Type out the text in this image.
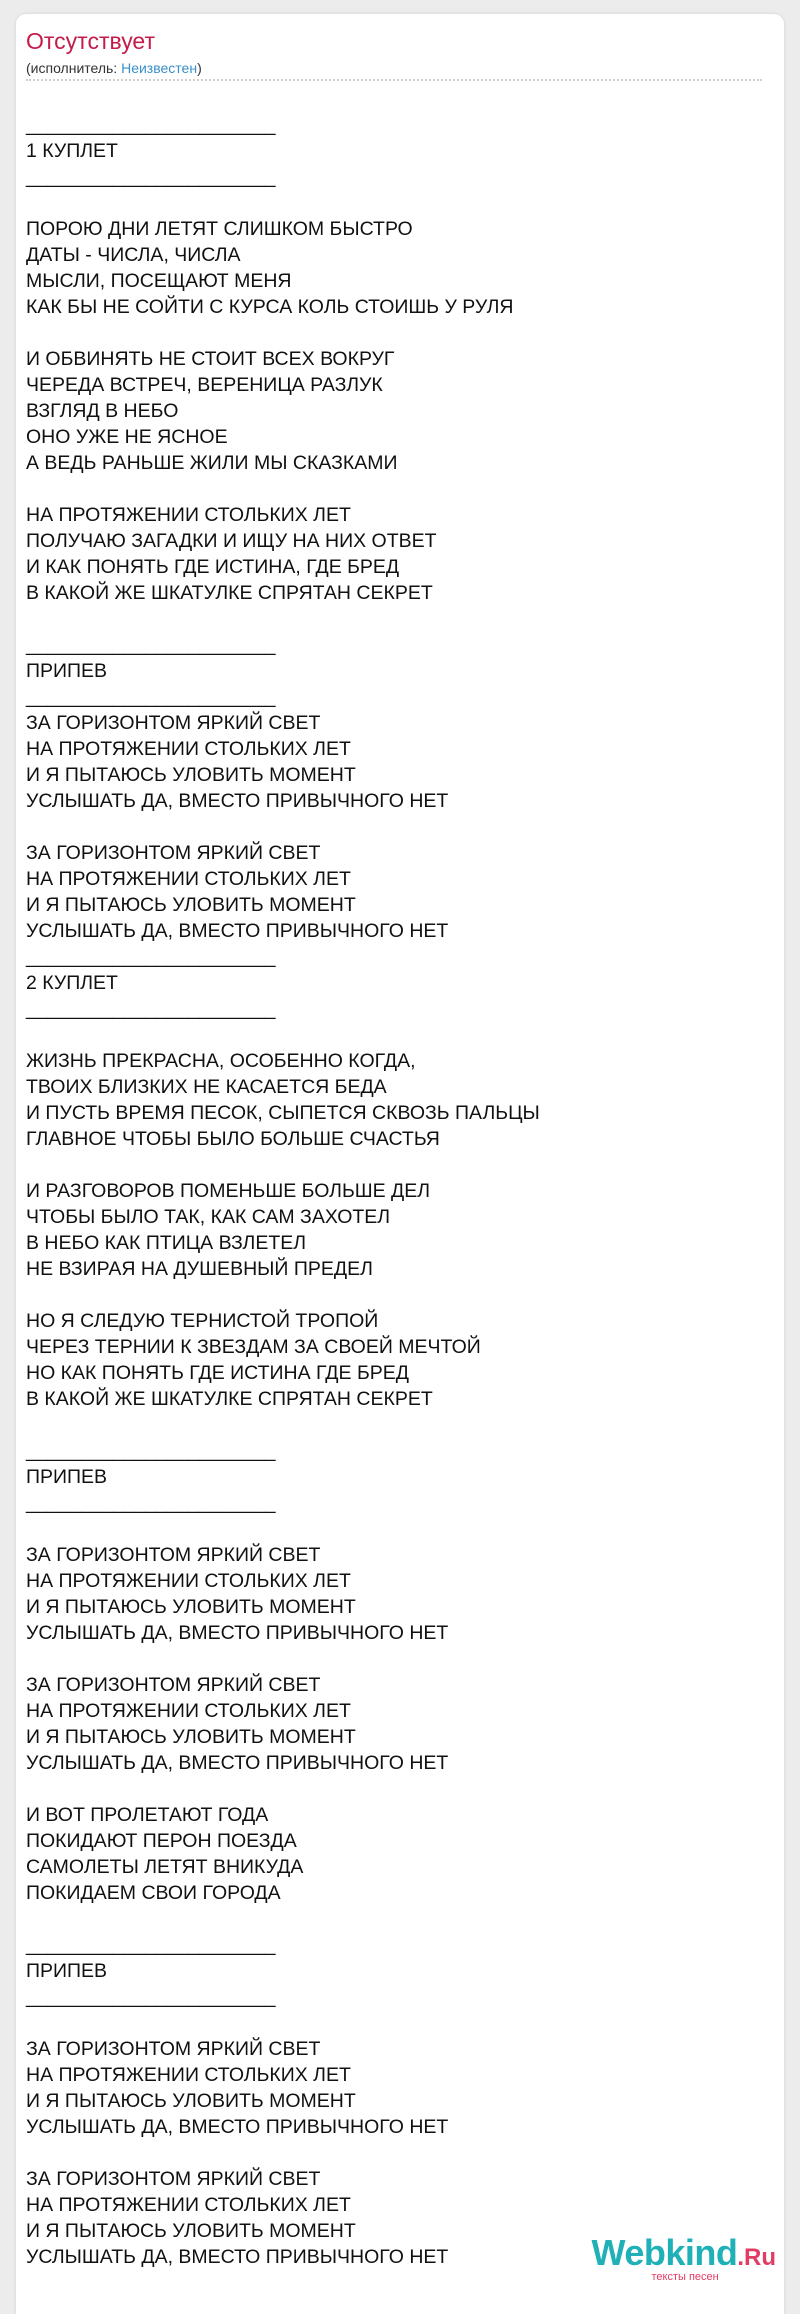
Отсутствует
(исполнитель: Неизвестен)
_______________________
1 КУПЛЕТ
_______________________
ПОРОЮ ДНИ ЛЕТЯТ СЛИШКОМ БЫСТРО
ДАТЫ - ЧИСЛА, ЧИСЛА
МЫСЛИ, ПОСЕЩАЮТ МЕНЯ
КАК БЫ НЕ СОЙТИ С КУРСА КОЛЬ СТОИШЬ У РУЛЯ
И ОБВИНЯТЬ НЕ СТОИТ ВСЕХ ВОКРУГ
ЧЕРЕДА ВСТРЕЧ, ВЕРЕНИЦА РАЗЛУК
ВЗГЛЯД В НЕБО
ОНО УЖЕ НЕ ЯСНОЕ
А ВЕДЬ РАНЬШЕ ЖИЛИ МЫ СКАЗКАМИ
НА ПРОТЯЖЕНИИ СТОЛЬКИХ ЛЕТ
ПОЛУЧАЮ ЗАГАДКИ И ИЩУ НА НИХ ОТВЕТ
И КАК ПОНЯТЬ ГДЕ ИСТИНА, ГДЕ БРЕД
В КАКОЙ ЖЕ ШКАТУЛКЕ СПРЯТАН СЕКРЕТ
_______________________
ПРИПЕВ
_______________________
ЗА ГОРИЗОНТОМ ЯРКИЙ СВЕТ
НА ПРОТЯЖЕНИИ СТОЛЬКИХ ЛЕТ
И Я ПЫТАЮСЬ УЛОВИТЬ МОМЕНТ
УСЛЫШАТЬ ДА, ВМЕСТО ПРИВЫЧНОГО НЕТ
ЗА ГОРИЗОНТОМ ЯРКИЙ СВЕТ
НА ПРОТЯЖЕНИИ СТОЛЬКИХ ЛЕТ
И Я ПЫТАЮСЬ УЛОВИТЬ МОМЕНТ
УСЛЫШАТЬ ДА, ВМЕСТО ПРИВЫЧНОГО НЕТ
_______________________
2 КУПЛЕТ
_______________________
ЖИЗНЬ ПРЕКРАСНА, ОСОБЕННО КОГДА,
ТВОИХ БЛИЗКИХ НЕ КАСАЕТСЯ БЕДА
И ПУСТЬ ВРЕМЯ ПЕСОК, СЫПЕТСЯ СКВОЗЬ ПАЛЬЦЫ
ГЛАВНОЕ ЧТОБЫ БЫЛО БОЛЬШЕ СЧАСТЬЯ
И РАЗГОВОРОВ ПОМЕНЬШЕ БОЛЬШЕ ДЕЛ
ЧТОБЫ БЫЛО ТАК, КАК САМ ЗАХОТЕЛ
В НЕБО КАК ПТИЦА ВЗЛЕТЕЛ
НЕ ВЗИРАЯ НА ДУШЕВНЫЙ ПРЕДЕЛ
НО Я СЛЕДУЮ ТЕРНИСТОЙ ТРОПОЙ
ЧЕРЕЗ ТЕРНИИ К ЗВЕЗДАМ ЗА СВОЕЙ МЕЧТОЙ
НО КАК ПОНЯТЬ ГДЕ ИСТИНА ГДЕ БРЕД
В КАКОЙ ЖЕ ШКАТУЛКЕ СПРЯТАН СЕКРЕТ
_______________________
ПРИПЕВ
_______________________
ЗА ГОРИЗОНТОМ ЯРКИЙ СВЕТ
НА ПРОТЯЖЕНИИ СТОЛЬКИХ ЛЕТ
И Я ПЫТАЮСЬ УЛОВИТЬ МОМЕНТ
УСЛЫШАТЬ ДА, ВМЕСТО ПРИВЫЧНОГО НЕТ
ЗА ГОРИЗОНТОМ ЯРКИЙ СВЕТ
НА ПРОТЯЖЕНИИ СТОЛЬКИХ ЛЕТ
И Я ПЫТАЮСЬ УЛОВИТЬ МОМЕНТ
УСЛЫШАТЬ ДА, ВМЕСТО ПРИВЫЧНОГО НЕТ
И ВОТ ПРОЛЕТАЮТ ГОДА
ПОКИДАЮТ ПЕРОН ПОЕЗДА
САМОЛЕТЫ ЛЕТЯТ ВНИКУДА
ПОКИДАЕМ СВОИ ГОРОДА
_______________________
ПРИПЕВ
_______________________
ЗА ГОРИЗОНТОМ ЯРКИЙ СВЕТ
НА ПРОТЯЖЕНИИ СТОЛЬКИХ ЛЕТ
И Я ПЫТАЮСЬ УЛОВИТЬ МОМЕНТ
УСЛЫШАТЬ ДА, ВМЕСТО ПРИВЫЧНОГО НЕТ
ЗА ГОРИЗОНТОМ ЯРКИЙ СВЕТ
НА ПРОТЯЖЕНИИ СТОЛЬКИХ ЛЕТ
И Я ПЫТАЮСЬ УЛОВИТЬ МОМЕНТ
УСЛЫШАТЬ ДА, ВМЕСТО ПРИВЫЧНОГО НЕТ	Webkind.Ru
тексты песен
